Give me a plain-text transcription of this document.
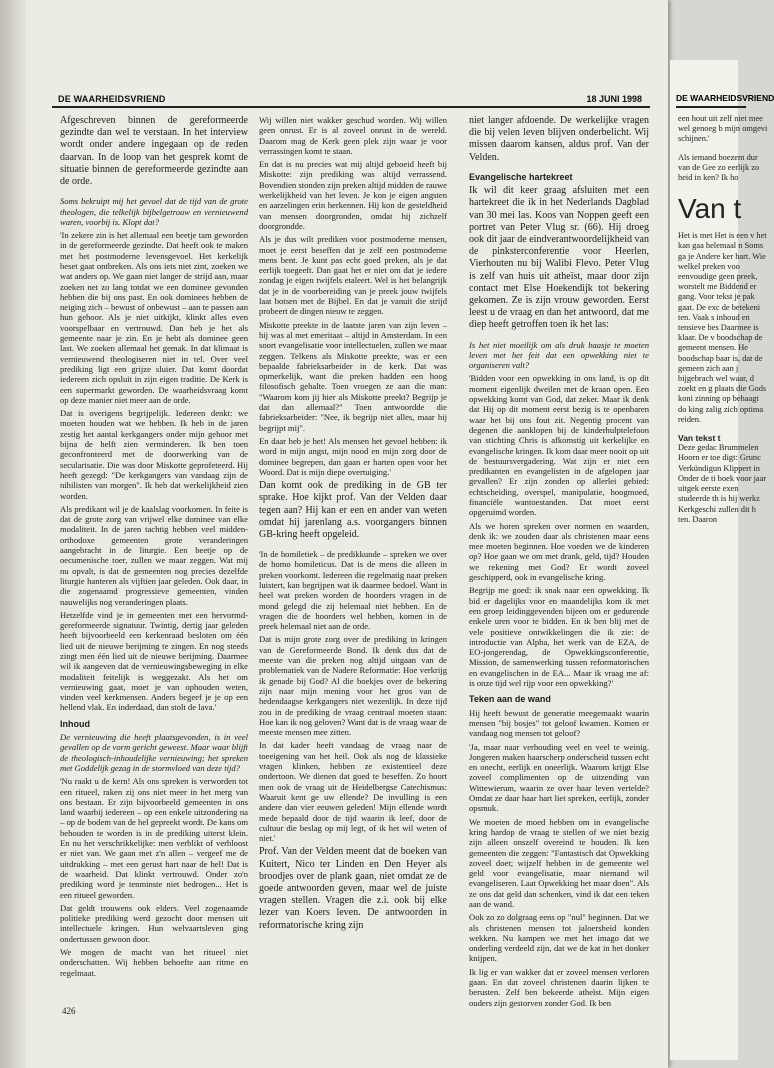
DE WAARHEIDSVRIEND	18 JUNI 1998

Afgeschreven binnen de gereformeerde gezindte dan wel te verstaan. In het interview wordt onder andere ingegaan op de reden daarvan. In de loop van het gesprek komt de situatie binnen de gereformeerde gezindte aan de orde.

Soms bekruipt mij het gevoel dat de tijd van de grote theologen, die telkelijk bijbelgetrouw en vernieuwend waren, voorbij is. Klopt dat?

'In zekere zin is het allemaal een beetje tam geworden in de gereformeerde gezindte. Dat heeft ook te maken met het postmoderne levensgevoel. Het kerkelijk beset gaat ontbreken. Als ons iets niet zint, zoeken we wat anders op. We gaan niet langer de strijd aan, maar zoeken net zo lang totdat we een dominee gevonden hebben die bij ons past. En ook dominees hebben de neiging zich – bewust of onbewust – aan te passen aan hun gehoor. Als je niet uitkijkt, klinkt alles even voorspelbaar en vertrouwd. Dan heb je het als gemeente naar je zin. En je hebt als dominee geen last. We zoeken allemaal het gemak. In dat klimaat is vernieuwend theologiseren niet in tel. Over veel prediking ligt een grijze sluier. Dat komt doordat iedereen zich opsluit in zijn eigen traditie. De Kerk is een supermarkt geworden. De waarheidsvraag komt op deze manier niet meer aan de orde.

Dat is overigens begrijpelijk. Iedereen denkt: we moeten houden wat we hebben. Ik heb in de jaren zestig het aantal kerkgangers onder mijn gehoor met bijna de helft zien verminderen. Ik ben toen geconfronteerd met de doorwerking van de secularisatie. Die was door Miskotte geprofeteerd. Hij heeft gezegd: "De kerkgangers van vandaag zijn de nihilisten van morgen". Ik heb dat werkelijkheid zien worden.

Als predikant wil je de kaalslag voorkomen. In feite is dat de grote zorg van vrijwel elke dominee van elke modaliteit. In de jaren tachtig hebben veel midden-orthodoxe gemeenten grote veranderingen aangebracht in de liturgie. Een beetje op de oecumenische toer, zullen we maar zeggen. Wat mij nu opvalt, is dat de gemeenten nog precies dezelfde liturgie hanteren als vijftien jaar geleden. Ook daar, in die zogenaamd progressieve gemeenten, vinden nauwelijks nog veranderingen plaats.

Hetzelfde vind je in gemeenten met een hervormd-gereformeerde signatuur. Twintig, dertig jaar geleden heeft bijvoorbeeld een kerkenraad besloten om één lied uit de nieuwe berijming te zingen. En nog steeds zingt men één lied uit de nieuwe berijming. Daarmee wil ik aangeven dat de vernieuwingsbeweging in elke modaliteit feitelijk is weggezakt. Als het om vernieuwing gaat, moet je van ophouden weten, vinden veel kerkmensen. Anders begeef je je op een hellend vlak. En inderdaad, dan stolt de lava.'

Inhoud

De vernieuwing die heeft plaatsgevonden, is in veel gevallen op de vorm gericht geweest. Maar waar blijft de theologisch-inhoudelijke vernieuwing; het spreken met Goddelijk gezag in de stormvloed van deze tijd?

'Nu raakt u de kern! Als ons spreken is verworden tot een ritueel, raken zij ons niet meer in het merg van ons bestaan. Er zijn bijvoorbeeld gemeenten in ons land waarbij iedereen – op een enkele uitzondering na – op de bodem van de hel gepreekt wordt. De kans om behouden te worden is in de prediking uiterst klein. En nu het verschrikkelijke: men verblikt of verbloost er niet van. We gaan met z'n allen – vergeef me de uitdrukking – met een gerust hart naar de hel! Dat is de waarheid. Dat klinkt vertrouwd. Onder zo'n prediking word je tenminste niet bedrogen... Het is een ritueel geworden.

Dat geldt trouwens ook elders. Veel zogenaamde politieke prediking werd gezocht door mensen uit intellectuele kringen. Hun welvaartsleven ging ondertussen gewoon door.

We mogen de macht van het ritueel niet onderschatten. Wij hebben behoefte aan ritme en regelmaat.

Wij willen niet wakker geschud worden. Wij willen geen onrust. Er is al zoveel onrust in de wereld. Daarom mag de Kerk geen plek zijn waar je voor verrassingen komt te staan.

En dat is nu precies wat mij altijd geboeid heeft bij Miskotte: zijn prediking was altijd verrassend. Bovendien stonden zijn preken altijd midden de rauwe werkelijkheid van het leven. Je kon je eigen angsten en aarzelingen erin herkennen. Hij kon de gesteldheid van mensen doorgronden, omdat hij zichzelf doorgrondde.

Als je dus wilt prediken voor postmoderne mensen, moet je eerst beseffen dat je zelf een postmoderne mens bent. Je kunt pas echt goed preken, als je dat eerlijk toegeeft. Dan gaat het er niet om dat je iedere zondag je eigen twijfels etaleert. Wel is het belangrijk dat je in de voorbereiding van je preek jouw twijfels laat botsen met de Bijbel. En dat je vanuit die strijd probeert de dingen nieuw te zeggen.

Miskotte preekte in de laatste jaren van zijn leven – hij was al met emeritaat – altijd in Amsterdam. In een soort evangelisatie voor intellectuelen, zullen we maar zeggen. Telkens als Miskotte preekte, was er een bepaalde fabrieksarbeider in de kerk. Dat was opmerkelijk, want die preken hadden een hoog filosofisch gehalte. Toen vroegen ze aan die man: "Waarom kom jij hier als Miskotte preekt? Begrijp je dat dan allemaal?" Toen antwoordde die fabrieksarbeider: "Nee, ik begrijp niet alles, maar hij begrijpt mij".

En daar heb je het! Als mensen het gevoel hebben: ik word in mijn angst, mijn nood en mijn zorg door de dominee begrepen, dan gaan er harten open voor het Woord. Dat is mijn diepe overtuiging.'

Dan komt ook de prediking in de GB ter sprake. Hoe kijkt prof. Van der Velden daar tegen aan? Hij kan er een en ander van weten omdat hij jarenlang a.s. voorgangers binnen GB-kring heeft opgeleid.

'In de homiletiek – de predikkunde – spreken we over de homo homileticus. Dat is de mens die alleen in preken voorkomt. Iedereen die regelmatig naar preken luistert, kan begrijpen wat ik daarmee bedoel. Want in heel wat preken worden de hoorders vragen in de mond gelegd die zij helemaal niet hebben. En de vragen die de hoorders wel hebben, komen in de preek helemaal niet aan de orde.

Dat is mijn grote zorg over de prediking in kringen van de Gereformeerde Bond. Ik denk dus dat de meeste van die preken nog altijd uitgaan van de problematiek van de Nadere Reformatie: Hoe verkrijg ik genade bij God? Al die boekjes over de bekering zijn naar mijn mening voor het gros van de hedendaagse kerkgangers niet wezenlijk. In deze tijd zou in de prediking de vraag centraal moeten staan: Hoe kan ik nog geloven? Want dat is de vraag waar de meeste mensen mee zitten.

In dat kader heeft vandaag de vraag naar de toeeigening van het heil. Ook als nog de klassieke vragen klinken, hebben ze existentieel deze ondertoon. We dienen dat goed te beseffen. Zo hoort men ook de vraag uit de Heidelbergse Catechismus: Waaruit kent ge uw ellende? De invulling is een andere dan vier eeuwen geleden! Mijn ellende wordt mede bepaald door de tijd waarin ik leef, door de cultuur die beslag op mij legt, of ik het wil weten of niet.'

Prof. Van der Velden meent dat de boeken van Kuitert, Nico ter Linden en Den Heyer als broodjes over de plank gaan, niet omdat ze de goede antwoorden geven, maar wel de juiste vragen stellen. Vragen die z.i. ook bij elke lezer van Koers leven. De antwoorden in reformatorische kring zijn

niet langer afdoende. De werkelijke vragen die bij velen leven blijven onderbelicht. Wij missen daarom kansen, aldus prof. Van der Velden.

Evangelische hartekreet

Ik wil dit keer graag afsluiten met een hartekreet die ik in het Nederlands Dagblad van 30 mei las. Koos van Noppen geeft een portret van Peter Vlug sr. (66). Hij droeg ook dit jaar de eindverantwoordelijkheid van de pinksterconferentie voor Heerlen, Vierhouten nu bij Walibi Flevo. Peter Vlug is zelf van huis uit atheïst, maar door zijn contact met Else Hoekendijk tot bekering gekomen. Ze is zijn vrouw geworden. Eerst leest u de vraag en dan het antwoord, dat me diep heeft getroffen toen ik het las:

Is het niet moeilijk om als druk baasje te moeten leven met het feit dat een opwekking niet te organiseren valt?

'Bidden voor een opwekking in ons land, is op dit moment eigenlijk dweilen met de kraan open. Een opwekking komt van God, dat zeker. Maar ik denk dat Hij op dit moment eerst bezig is te openbaren waar het bij ons fout zit. Negentig procent van degenen die aanklopen bij de kinderhulptelefoon van stichting Chris is afkomstig uit kerkelijke en evangelische kringen. Ik kom daar meer nooit op uit de bestuursvergadering. Wat zijn er niet een predikanten en evangelisten in de afgelopen jaar gevallen? Er zijn zonden op allerlei gebied: echtscheiding, overspel, manipulatie, hoogmoed, financiële wantoestanden. Dat moet eerst opgeruimd worden.

Als we horen spreken over normen en waarden, denk ik: we zouden daar als christenen maar eens mee moeten beginnen. Hoe voeden we de kinderen op? Hoe gaan we om met drank, geld, tijd? Houden we rekening met God? Er wordt zoveel geschipperd, ook in evangelische kring.

Begrijp me goed: ik snak naar een opwekking. Ik bid er dagelijks voor en maandelijks kom ik met een groep leidinggevenden bijeen om er gedurende enkele uren voor te bidden. En ik ben blij met de vele positieve ontwikkelingen die ik zie: de introductie van Alpha, het werk van de EZA, de EO-jongerendag, de Opwekkingsconferentie, Mission, de samenwerking tussen reformatorischen en evangelischen in de EA... Maar ik vraag me af: is onze tijd wel rijp voor een opwekking?'

Teken aan de wand

Hij heeft bewust de generatie meegemaakt waarin mensen "bij bosjes" tot geloof kwamen. Komen er vandaag nog mensen tot geloof?

'Ja, maar naar verhouding veel en veel te weinig. Jongeren maken haarscherp onderscheid tussen echt en onecht, eerlijk en oneerlijk. Waarom krijgt Else zoveel complimenten op de uitzending van Wittewierum, waarin ze over haar leven vertelde? Omdat ze daar haar hart liet spreken, eerlijk, zonder opsmuk.

We moeten de moed hebben om in evangelische kring hardop de vraag te stellen of we niet bezig zijn alleen onszelf overeind te houden. Ik ken gemeenten die zeggen: "Fantastisch dat Opwekking zoveel doet; wijzelf hebben in de gemeente wel geld voor evangelisatie, maar niemand wil evangeliseren. Laat Opwekking het maar doen". Als ze ons dat geld dan schenken, vind ik dat een teken aan de wand.

Ook zo zo dolgraag eens op "nul" beginnen. Dat we als christenen mensen tot jaloersheid konden wekken. Nu kampen we met het imago dat we onderling verdeeld zijn, dat we de kat in het donker knijpen.

Ik lig er van wakker dat er zoveel mensen verloren gaan. En dat zoveel christenen daarin lijken te berusten. Zelf ben bekeerde atheïst. Mijn eigen ouders zijn gestorven zonder God. Ik ben

426
DE WAARHEIDSVRIEND

een hout uit zelf niet mee wel genoeg b mijn omgevi schijnen.'

Als iemand boezem dur van de Gee zo eerlijk zo heid in ken? Ik ho

Van t

Het is met Het is een v het kan gaa helemaal n Soms ga je Andere ker hart. Wie welkel preken voo eenvoudige geen preek, worstelt me Biddend er gang. Voor tekst je pak gaat. De exc de betekeni ten. Vaak s inhoud en tensieve bes Daarmee is klaar. De v boodschap de gemeent mensen. He boodschap baar is, dat de gemeen zich aan j bijgebrach wel waar, d zoekt en g plaats die Gods koni zinning op behaagt do king zalig zich optima reiden.

Van tekst t

Deze gedac Brummelen Hoorn er toe digt: Grunc Verkündigun Klippert in Onder de ti boek voor jaar uitgek eerste exen studeerde th is hij werkz Kerkgeschi zullen dit h ten. Daaron
